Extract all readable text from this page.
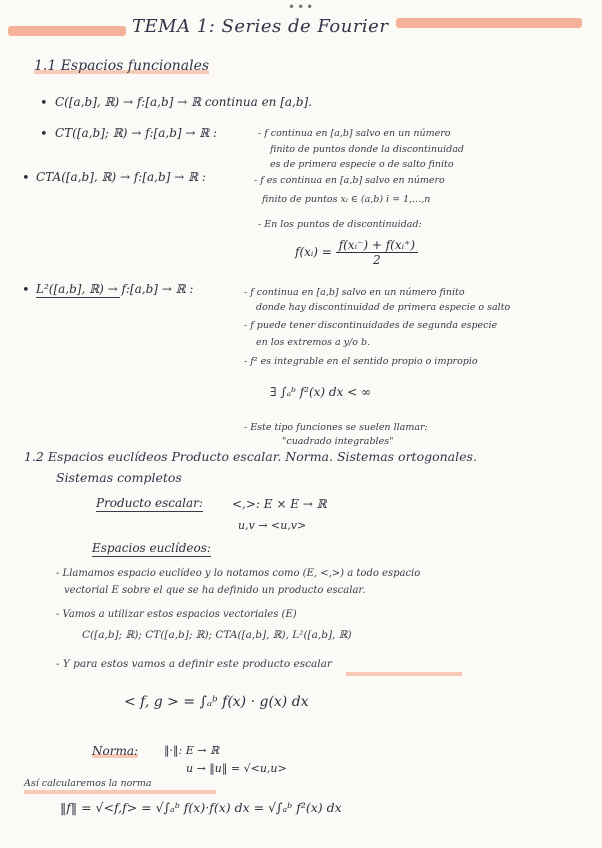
•••
TEMA 1: Series de Fourier
1.1 Espacios funcionales
• C([a,b], ℝ) → f:[a,b] → ℝ continua en [a,b].
• CT([a,b]; ℝ) → f:[a,b] → ℝ :	- f continua en [a,b] salvo en un número
finito de puntos donde la discontinuidad
es de primera especie o de salto finito
• CTA([a,b], ℝ) → f:[a,b] → ℝ :	- f es continua en [a,b] salvo en número
finito de puntos xᵢ ∈ (a,b) i = 1,...,n
- En los puntos de discontinuidad:
f(xᵢ) = $\frac{\text{f(xᵢ⁻) + f(xᵢ⁺)}}{2}$
• L²([a,b], ℝ) → f:[a,b] → ℝ :	- f continua en [a,b] salvo en un número finito
donde hay discontinuidad de primera especie o salto
- f puede tener discontinuidades de segunda especie
en los extremos a y/o b.
- f² es integrable en el sentido propio o impropio
∃ ∫ₐᵇ f²(x) dx < ∞
- Este tipo funciones se suelen llamar:
"cuadrado integrables"
1.2 Espacios euclídeos Producto escalar. Norma. Sistemas ortogonales.
Sistemas completos
Producto escalar: <,>: E × E → ℝ
u,v → <u,v>
Espacios euclídeos:
- Llamamos espacio euclídeo y lo notamos como (E, <,>) a todo espacio
vectorial E sobre el que se ha definido un producto escalar.
- Vamos a utilizar estos espacios vectoriales (E)
C([a,b]; ℝ); CT([a,b]; ℝ); CTA([a,b], ℝ), L²([a,b], ℝ)
- Y para estos vamos a definir este producto escalar
< f, g > = ∫ₐᵇ f(x) · g(x) dx
Norma: ‖·‖: E → ℝ
u → ‖u‖ = √<u,u>
Así calcularemos la norma
‖f‖ = √<f,f> = √∫ₐᵇ f(x)·f(x) dx = √∫ₐᵇ f²(x) dx
